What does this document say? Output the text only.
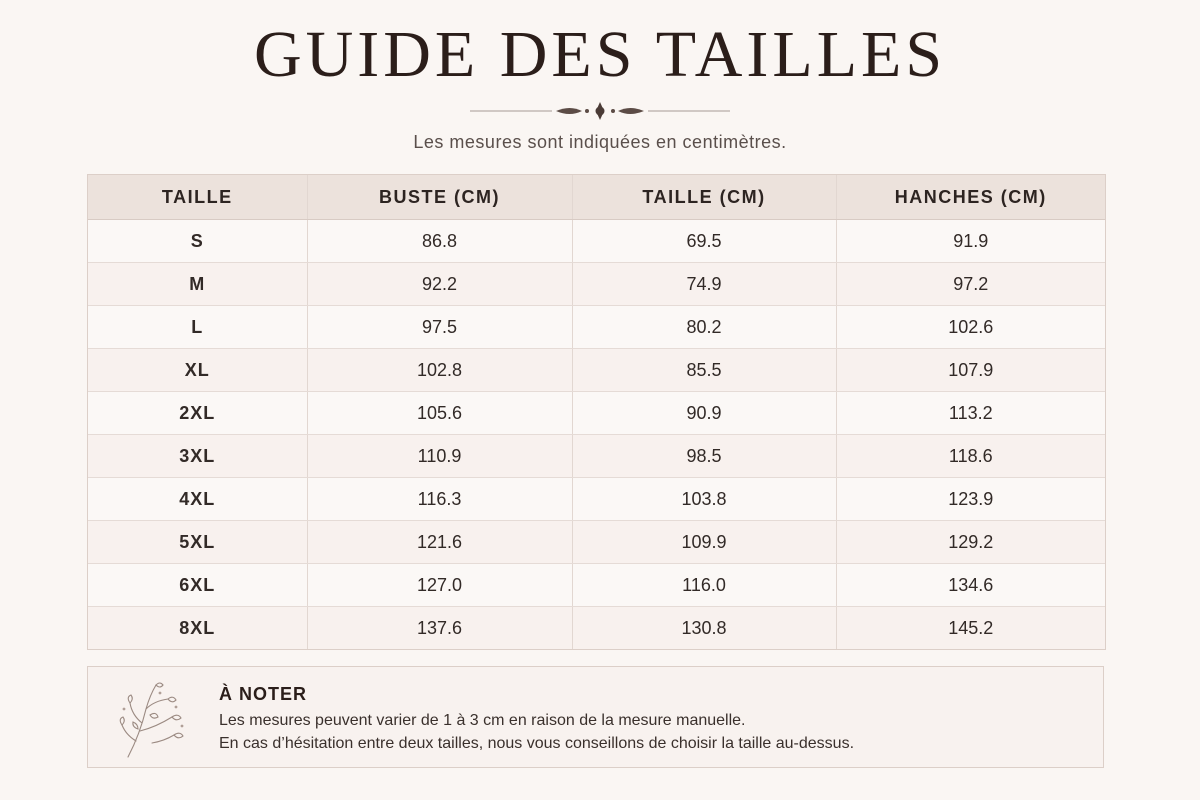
GUIDE DES TAILLES
Les mesures sont indiquées en centimètres.
TAILLE	BUSTE (CM)	TAILLE (CM)	HANCHES (CM)
S	86.8	69.5	91.9
M	92.2	74.9	97.2
L	97.5	80.2	102.6
XL	102.8	85.5	107.9
2XL	105.6	90.9	113.2
3XL	110.9	98.5	118.6
4XL	116.3	103.8	123.9
5XL	121.6	109.9	129.2
6XL	127.0	116.0	134.6
8XL	137.6	130.8	145.2
À NOTER
Les mesures peuvent varier de 1 à 3 cm en raison de la mesure manuelle.
En cas d’hésitation entre deux tailles, nous vous conseillons de choisir la taille au-dessus.
